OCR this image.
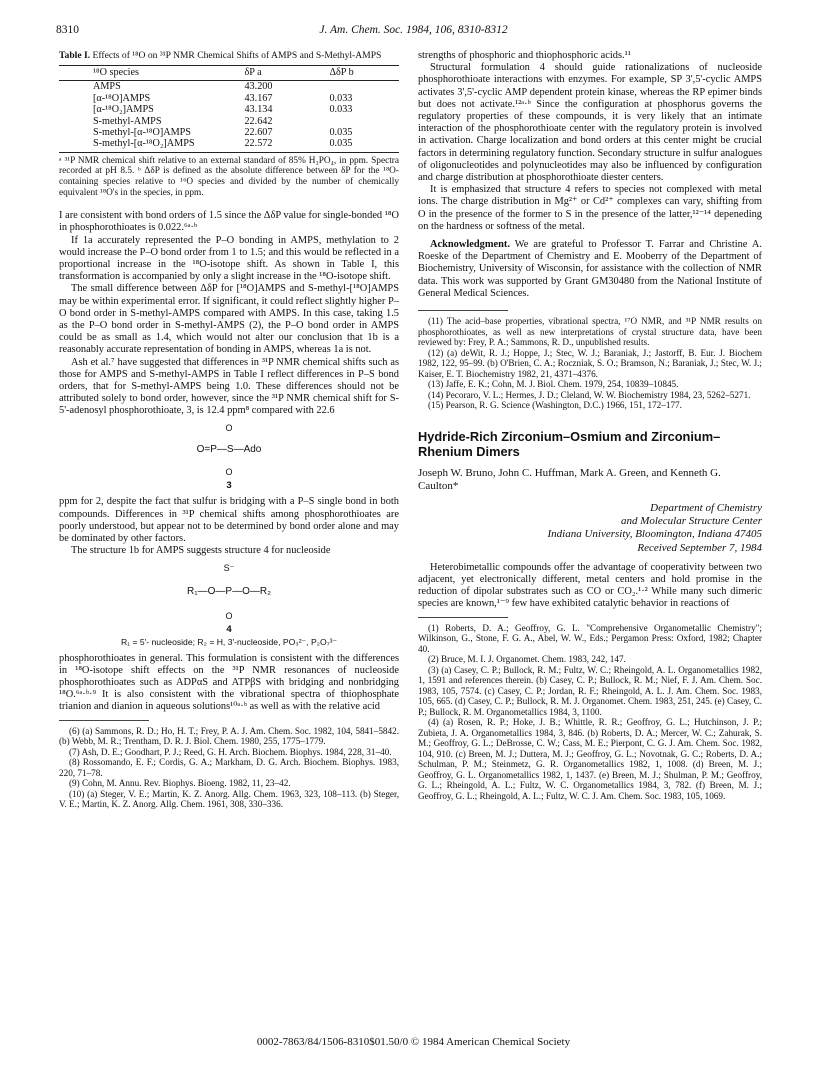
8310	J. Am. Chem. Soc. 1984, 106, 8310-8312
Table I. Effects of ¹⁸O on ³¹P NMR Chemical Shifts of AMPS and S-Methyl-AMPS
¹⁸O species	δP a	ΔδP b
AMPS	43.200	
[α-¹⁸O]AMPS	43.167	0.033
[α-¹⁸O₂]AMPS	43.134	0.033
S-methyl-AMPS	22.642	
S-methyl-[α-¹⁸O]AMPS	22.607	0.035
S-methyl-[α-¹⁸O₂]AMPS	22.572	0.035
ᵃ ³¹P NMR chemical shift relative to an external standard of 85% H₃PO₄, in ppm. Spectra recorded at pH 8.5. ᵇ ΔδP is defined as the absolute difference between δP for the ¹⁸O-containing species relative to ¹⁶O species and divided by the number of chemically equivalent ¹⁸O's in the species, in ppm.

I are consistent with bond orders of 1.5 since the ΔδP value for single-bonded ¹⁸O in phosphorothioates is 0.022.⁶ᵃ·ᵇ

If 1a accurately represented the P–O bonding in AMPS, methylation to 2 would increase the P–O bond order from 1 to 1.5; and this would be reflected in a proportional increase in the ¹⁸O-isotope shift. As shown in Table I, this transformation is accompanied by only a slight increase in the ¹⁸O-isotope shift.

The small difference between ΔδP for [¹⁸O]AMPS and S-methyl-[¹⁸O]AMPS may be within experimental error. If significant, it could reflect slightly higher P–O bond order in S-methyl-AMPS compared with AMPS. In this case, taking 1.5 as the P–O bond order in S-methyl-AMPS (2), the P–O bond order in AMPS could be as small as 1.4, which would not alter our conclusion that 1b is a reasonably accurate representation of bonding in AMPS, whereas 1a is not.

Ash et al.⁷ have suggested that differences in ³¹P NMR chemical shifts such as those for AMPS and S-methyl-AMPS in Table I reflect differences in P–S bond orders, that for S-methyl-AMPS being 1.0. These differences should not be attributed solely to bond order, however, since the ³¹P NMR chemical shift for S-5'-adenosyl phosphorothioate, 3, is 12.4 ppm⁸ compared with 22.6

O
O=P—S—Ado
O
3

ppm for 2, despite the fact that sulfur is bridging with a P–S single bond in both compounds. Differences in ³¹P chemical shifts among phosphorothioates are poorly understood, but appear not to be determined by bond order alone and may be dominated by other factors.

The structure 1b for AMPS suggests structure 4 for nucleoside

S⁻
R₁—O—P—O—R₂
O
4
R₁ = 5'- nucleoside; R₂ = H, 3'-nucleoside, PO₃²⁻, P₂O₇³⁻

phosphorothioates in general. This formulation is consistent with the differences in ¹⁸O-isotope shift effects on the ³¹P NMR resonances of nucleoside phosphorothioates such as ADPαS and ATPβS with bridging and nonbridging ¹⁸O.⁶ᵃ·ᵇ·⁹ It is also consistent with the vibrational spectra of thiophosphate trianion and dianion in aqueous solutions¹⁰ᵃ·ᵇ as well as with the relative acid

(6) (a) Sammons, R. D.; Ho, H. T.; Frey, P. A. J. Am. Chem. Soc. 1982, 104, 5841–5842. (b) Webb, M. R.; Trentham, D. R. J. Biol. Chem. 1980, 255, 1775–1779.
(7) Ash, D. E.; Goodhart, P. J.; Reed, G. H. Arch. Biochem. Biophys. 1984, 228, 31–40.
(8) Rossomando, E. F.; Cordis, G. A.; Markham, D. G. Arch. Biochem. Biophys. 1983, 220, 71–78.
(9) Cohn, M. Annu. Rev. Biophys. Bioeng. 1982, 11, 23–42.
(10) (a) Steger, V. E.; Martin, K. Z. Anorg. Allg. Chem. 1963, 323, 108–113. (b) Steger, V. E.; Martin, K. Z. Anorg. Allg. Chem. 1961, 308, 330–336.

strengths of phosphoric and thiophosphoric acids.¹¹

Structural formulation 4 should guide rationalizations of nucleoside phosphorothioate interactions with enzymes. For example, SP 3',5'-cyclic AMPS activates 3',5'-cyclic AMP dependent protein kinase, whereas the RP epimer binds but does not activate.¹²ᵃ·ᵇ Since the configuration at phosphorus governs the regulatory properties of these compounds, it is very likely that an intimate interaction of the phosphorothioate center with the regulatory protein is involved in activation. Charge localization and bond orders at this center might be crucial factors in determining regulatory function. Secondary structure in sulfur analogues of oligonucleotides and polynucleotides may also be influenced by configuration and charge distribution at phosphorothioate diester centers.

It is emphasized that structure 4 refers to species not complexed with metal ions. The charge distribution in Mg²⁺ or Cd²⁺ complexes can vary, shifting from O in the presence of the former to S in the presence of the latter,¹²⁻¹⁴ depeneding on the hardness or softness of the metal.

Acknowledgment. We are grateful to Professor T. Farrar and Christine A. Roeske of the Department of Chemistry and E. Mooberry of the Department of Biochemistry, University of Wisconsin, for assistance with the collection of NMR data. This work was supported by Grant GM30480 from the National Institute of General Medical Sciences.

(11) The acid–base properties, vibrational spectra, ¹⁷O NMR, and ³¹P NMR results on phosphorothioates, as well as new interpretations of crystal structure data, have been reviewed by: Frey, P. A.; Sammons, R. D., unpublished results.
(12) (a) deWit, R. J.; Hoppe, J.; Stec, W. J.; Baraniak, J.; Jastorff, B. Eur. J. Biochem 1982, 122, 95–99. (b) O'Brien, C. A.; Roczniak, S. O.; Bramson, N.; Baraniak, J.; Stec, W. J.; Kaiser, E. T. Biochemistry 1982, 21, 4371–4376.
(13) Jaffe, E. K.; Cohn, M. J. Biol. Chem. 1979, 254, 10839–10845.
(14) Pecoraro, V. L.; Hermes, J. D.; Cleland, W. W. Biochemistry 1984, 23, 5262–5271.
(15) Pearson, R. G. Science (Washington, D.C.) 1966, 151, 172–177.
Hydride-Rich Zirconium–Osmium and Zirconium–Rhenium Dimers
Joseph W. Bruno, John C. Huffman, Mark A. Green, and Kenneth G. Caulton*
Department of Chemistry
and Molecular Structure Center
Indiana University, Bloomington, Indiana 47405
Received September 7, 1984

Heterobimetallic compounds offer the advantage of cooperativity between two adjacent, yet electronically different, metal centers and hold promise in the reduction of dipolar substrates such as CO or CO₂.¹·² While many such dimeric species are known,¹⁻⁹ few have exhibited catalytic behavior in reactions of

(1) Roberts, D. A.; Geoffroy, G. L. "Comprehensive Organometallic Chemistry"; Wilkinson, G., Stone, F. G. A., Abel, W. W., Eds.; Pergamon Press: Oxford, 1982; Chapter 40.
(2) Bruce, M. I. J. Organomet. Chem. 1983, 242, 147.
(3) (a) Casey, C. P.; Bullock, R. M.; Fultz, W. C.; Rheingold, A. L. Organometallics 1982, 1, 1591 and references therein. (b) Casey, C. P.; Bullock, R. M.; Nief, F. J. Am. Chem. Soc. 1983, 105, 7574. (c) Casey, C. P.; Jordan, R. F.; Rheingold, A. L. J. Am. Chem. Soc. 1983, 105, 665. (d) Casey, C. P.; Bullock, R. M. J. Organomet. Chem. 1983, 251, 245. (e) Casey, C. P.; Bullock, R. M. Organometallics 1984, 3, 1100.
(4) (a) Rosen, R. P.; Hoke, J. B.; Whittle, R. R.; Geoffroy, G. L.; Hutchinson, J. P.; Zubieta, J. A. Organometallics 1984, 3, 846. (b) Roberts, D. A.; Mercer, W. C.; Zahurak, S. M.; Geoffroy, G. L.; DeBrosse, C. W.; Cass, M. E.; Pierpont, C. G. J. Am. Chem. Soc. 1982, 104, 910. (c) Breen, M. J.; Duttera, M. J.; Geoffroy, G. L.; Novotnak, G. C.; Roberts, D. A.; Schulman, P. M.; Steinmetz, G. R. Organometallics 1982, 1, 1008. (d) Breen, M. J.; Geoffroy, G. L. Organometallics 1982, 1, 1437. (e) Breen, M. J.; Shulman, P. M.; Geoffroy, G. L.; Rheingold, A. L.; Fultz, W. C. Organometallics 1984, 3, 782. (f) Breen, M. J.; Geoffroy, G. L.; Rheingold, A. L.; Fultz, W. C. J. Am. Chem. Soc. 1983, 105, 1069.
0002-7863/84/1506-8310$01.50/0 © 1984 American Chemical Society
